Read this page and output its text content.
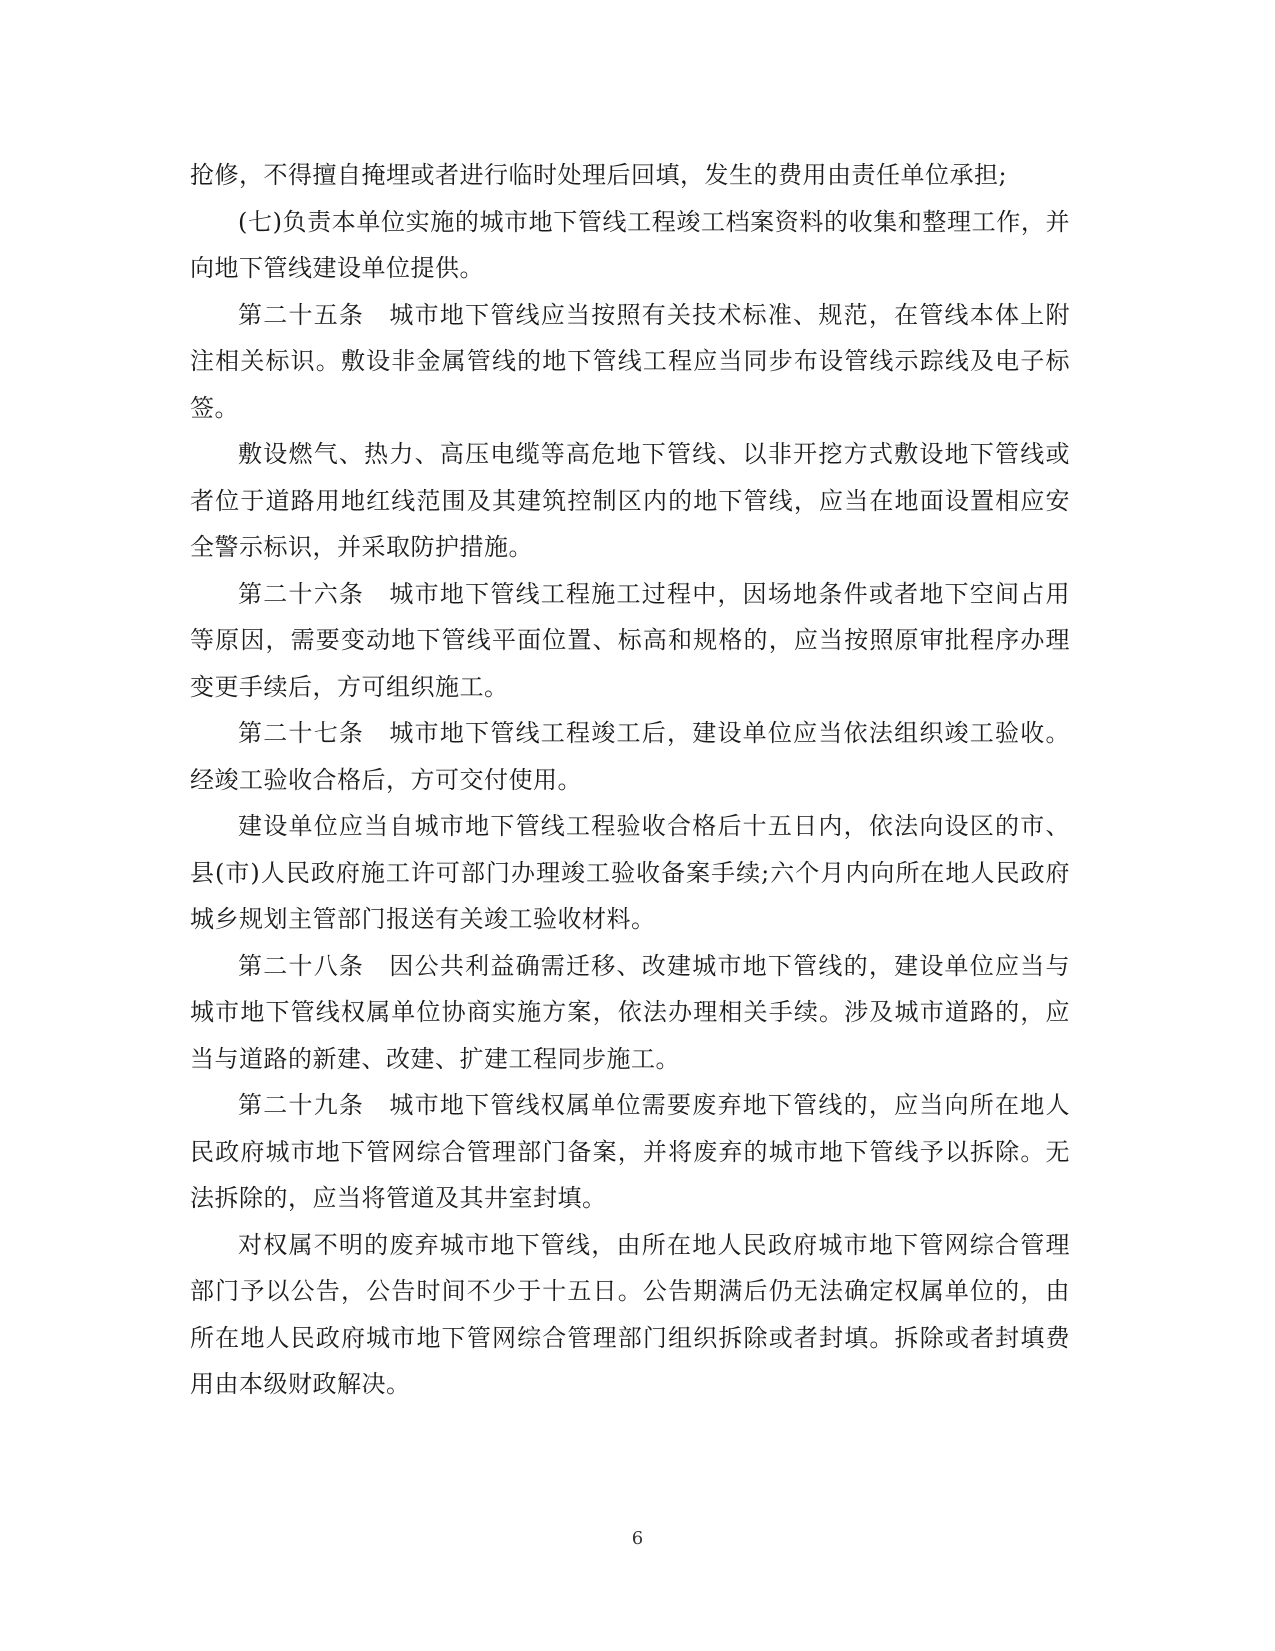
抢修，不得擅自掩埋或者进行临时处理后回填，发生的费用由责任单位承担;

(七)负责本单位实施的城市地下管线工程竣工档案资料的收集和整理工作，并向地下管线建设单位提供。

第二十五条　城市地下管线应当按照有关技术标准、规范，在管线本体上附注相关标识。敷设非金属管线的地下管线工程应当同步布设管线示踪线及电子标签。

敷设燃气、热力、高压电缆等高危地下管线、以非开挖方式敷设地下管线或者位于道路用地红线范围及其建筑控制区内的地下管线，应当在地面设置相应安全警示标识，并采取防护措施。

第二十六条　城市地下管线工程施工过程中，因场地条件或者地下空间占用等原因，需要变动地下管线平面位置、标高和规格的，应当按照原审批程序办理变更手续后，方可组织施工。

第二十七条　城市地下管线工程竣工后，建设单位应当依法组织竣工验收。经竣工验收合格后，方可交付使用。

建设单位应当自城市地下管线工程验收合格后十五日内，依法向设区的市、县(市)人民政府施工许可部门办理竣工验收备案手续;六个月内向所在地人民政府城乡规划主管部门报送有关竣工验收材料。

第二十八条　因公共利益确需迁移、改建城市地下管线的，建设单位应当与城市地下管线权属单位协商实施方案，依法办理相关手续。涉及城市道路的，应当与道路的新建、改建、扩建工程同步施工。

第二十九条　城市地下管线权属单位需要废弃地下管线的，应当向所在地人民政府城市地下管网综合管理部门备案，并将废弃的城市地下管线予以拆除。无法拆除的，应当将管道及其井室封填。

对权属不明的废弃城市地下管线，由所在地人民政府城市地下管网综合管理部门予以公告，公告时间不少于十五日。公告期满后仍无法确定权属单位的，由所在地人民政府城市地下管网综合管理部门组织拆除或者封填。拆除或者封填费用由本级财政解决。

6
